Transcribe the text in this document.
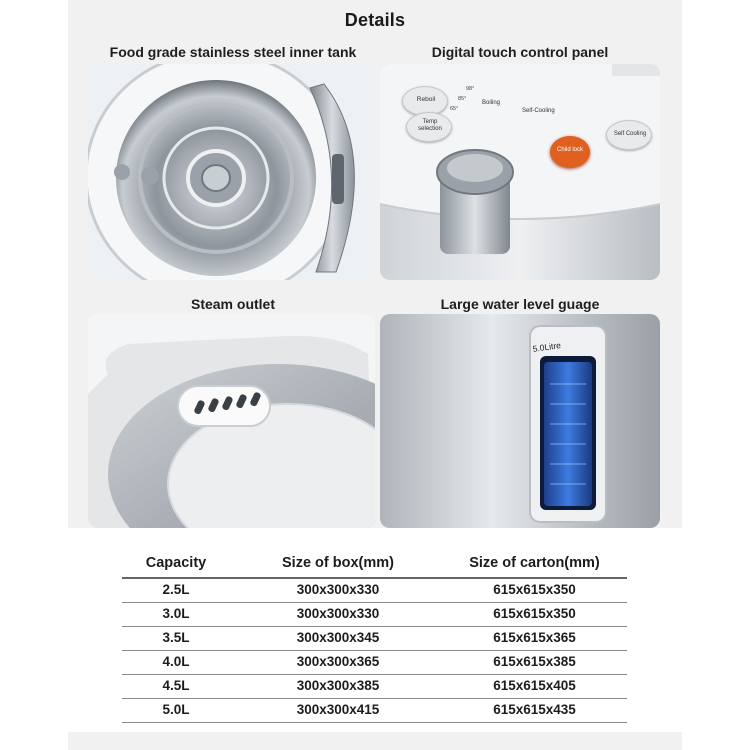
Details
Food grade stainless steel inner tank	Digital touch control panel
Steam outlet	Large water level guage
Reboil
Temp selection
98°
85°
65°
Boiling
Self-Cooling
Child lock
Self Cooling
5.0Litre
Capacity	Size of box(mm)	Size of carton(mm)
2.5L	300x300x330	615x615x350
3.0L	300x300x330	615x615x350
3.5L	300x300x345	615x615x365
4.0L	300x300x365	615x615x385
4.5L	300x300x385	615x615x405
5.0L	300x300x415	615x615x435
